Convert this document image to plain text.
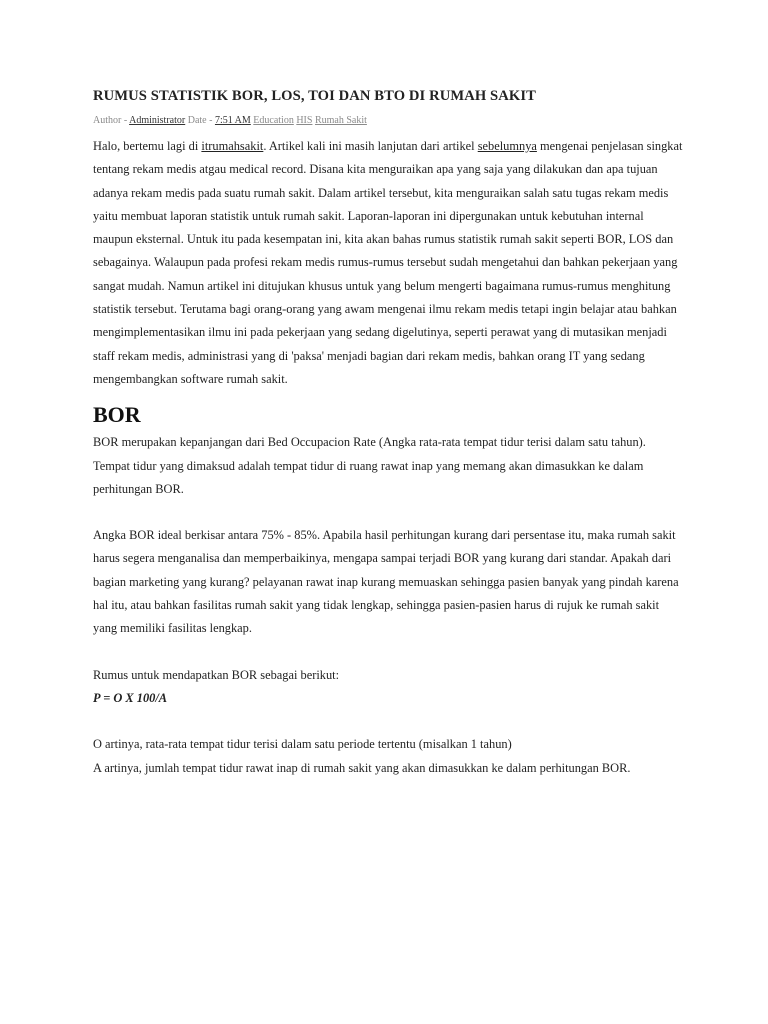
RUMUS STATISTIK BOR, LOS, TOI DAN BTO DI RUMAH SAKIT
Author - Administrator Date - 7:51 AM Education HIS Rumah Sakit

Halo, bertemu lagi di itrumahsakit. Artikel kali ini masih lanjutan dari artikel sebelumnya mengenai penjelasan singkat tentang rekam medis atgau medical record. Disana kita menguraikan apa yang saja yang dilakukan dan apa tujuan adanya rekam medis pada suatu rumah sakit. Dalam artikel tersebut, kita menguraikan salah satu tugas rekam medis yaitu membuat laporan statistik untuk rumah sakit. Laporan-laporan ini dipergunakan untuk kebutuhan internal maupun eksternal. Untuk itu pada kesempatan ini, kita akan bahas rumus statistik rumah sakit seperti BOR, LOS dan sebagainya. Walaupun pada profesi rekam medis rumus-rumus tersebut sudah mengetahui dan bahkan pekerjaan yang sangat mudah. Namun artikel ini ditujukan khusus untuk yang belum mengerti bagaimana rumus-rumus menghitung statistik tersebut. Terutama bagi orang-orang yang awam mengenai ilmu rekam medis tetapi ingin belajar atau bahkan mengimplementasikan ilmu ini pada pekerjaan yang sedang digelutinya, seperti perawat yang di mutasikan menjadi staff rekam medis, administrasi yang di 'paksa' menjadi bagian dari rekam medis, bahkan orang IT yang sedang mengembangkan software rumah sakit.

BOR

BOR merupakan kepanjangan dari Bed Occupacion Rate (Angka rata-rata tempat tidur terisi dalam satu tahun). Tempat tidur yang dimaksud adalah tempat tidur di ruang rawat inap yang memang akan dimasukkan ke dalam perhitungan BOR.

Angka BOR ideal berkisar antara 75% - 85%. Apabila hasil perhitungan kurang dari persentase itu, maka rumah sakit harus segera menganalisa dan memperbaikinya, mengapa sampai terjadi BOR yang kurang dari standar. Apakah dari bagian marketing yang kurang? pelayanan rawat inap kurang memuaskan sehingga pasien banyak yang pindah karena hal itu, atau bahkan fasilitas rumah sakit yang tidak lengkap, sehingga pasien-pasien harus di rujuk ke rumah sakit yang memiliki fasilitas lengkap.

Rumus untuk mendapatkan BOR sebagai berikut:

P = O X 100/A

O artinya, rata-rata tempat tidur terisi dalam satu periode tertentu (misalkan 1 tahun)

A artinya, jumlah tempat tidur rawat inap di rumah sakit yang akan dimasukkan ke dalam perhitungan BOR.
